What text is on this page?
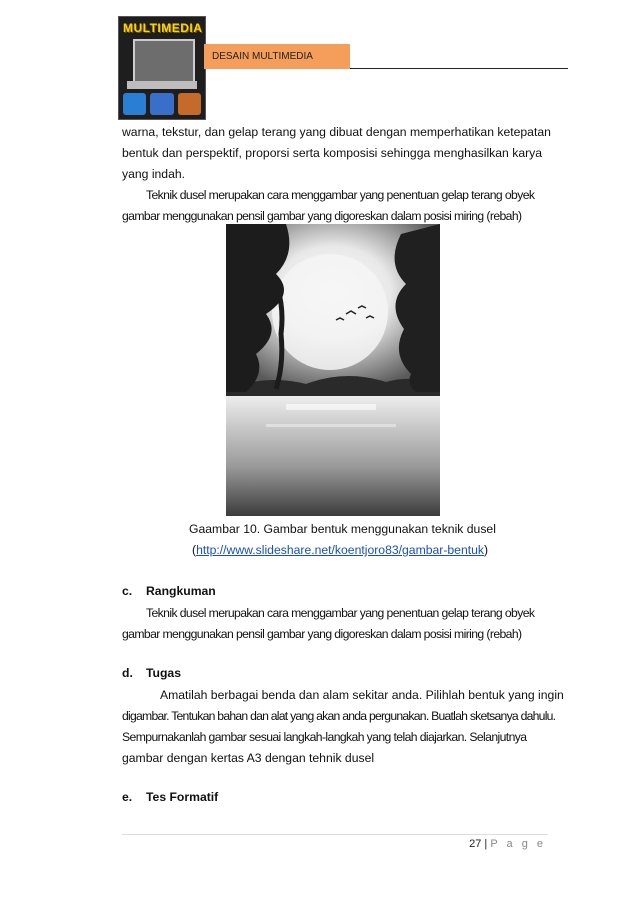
MULTIMEDIA
DESAIN MULTIMEDIA
warna, tekstur, dan gelap terang yang dibuat dengan memperhatikan ketepatan
bentuk dan perspektif, proporsi serta komposisi sehingga menghasilkan karya
yang indah.
Teknik dusel merupakan cara menggambar yang penentuan gelap terang obyek
gambar menggunakan pensil gambar yang digoreskan dalam posisi miring (rebah)
Gaambar 10. Gambar bentuk menggunakan teknik dusel
(http://www.slideshare.net/koentjoro83/gambar-bentuk)
c. Rangkuman
Teknik dusel merupakan cara menggambar yang penentuan gelap terang obyek
gambar menggunakan pensil gambar yang digoreskan dalam posisi miring (rebah)
d. Tugas
Amatilah berbagai benda dan alam sekitar anda. Pilihlah bentuk yang ingin
digambar. Tentukan bahan dan alat yang akan anda pergunakan. Buatlah sketsanya dahulu.
Sempurnakanlah gambar sesuai langkah-langkah yang telah diajarkan. Selanjutnya
gambar dengan kertas A3 dengan tehnik dusel
e. Tes Formatif
27 | P a g e
